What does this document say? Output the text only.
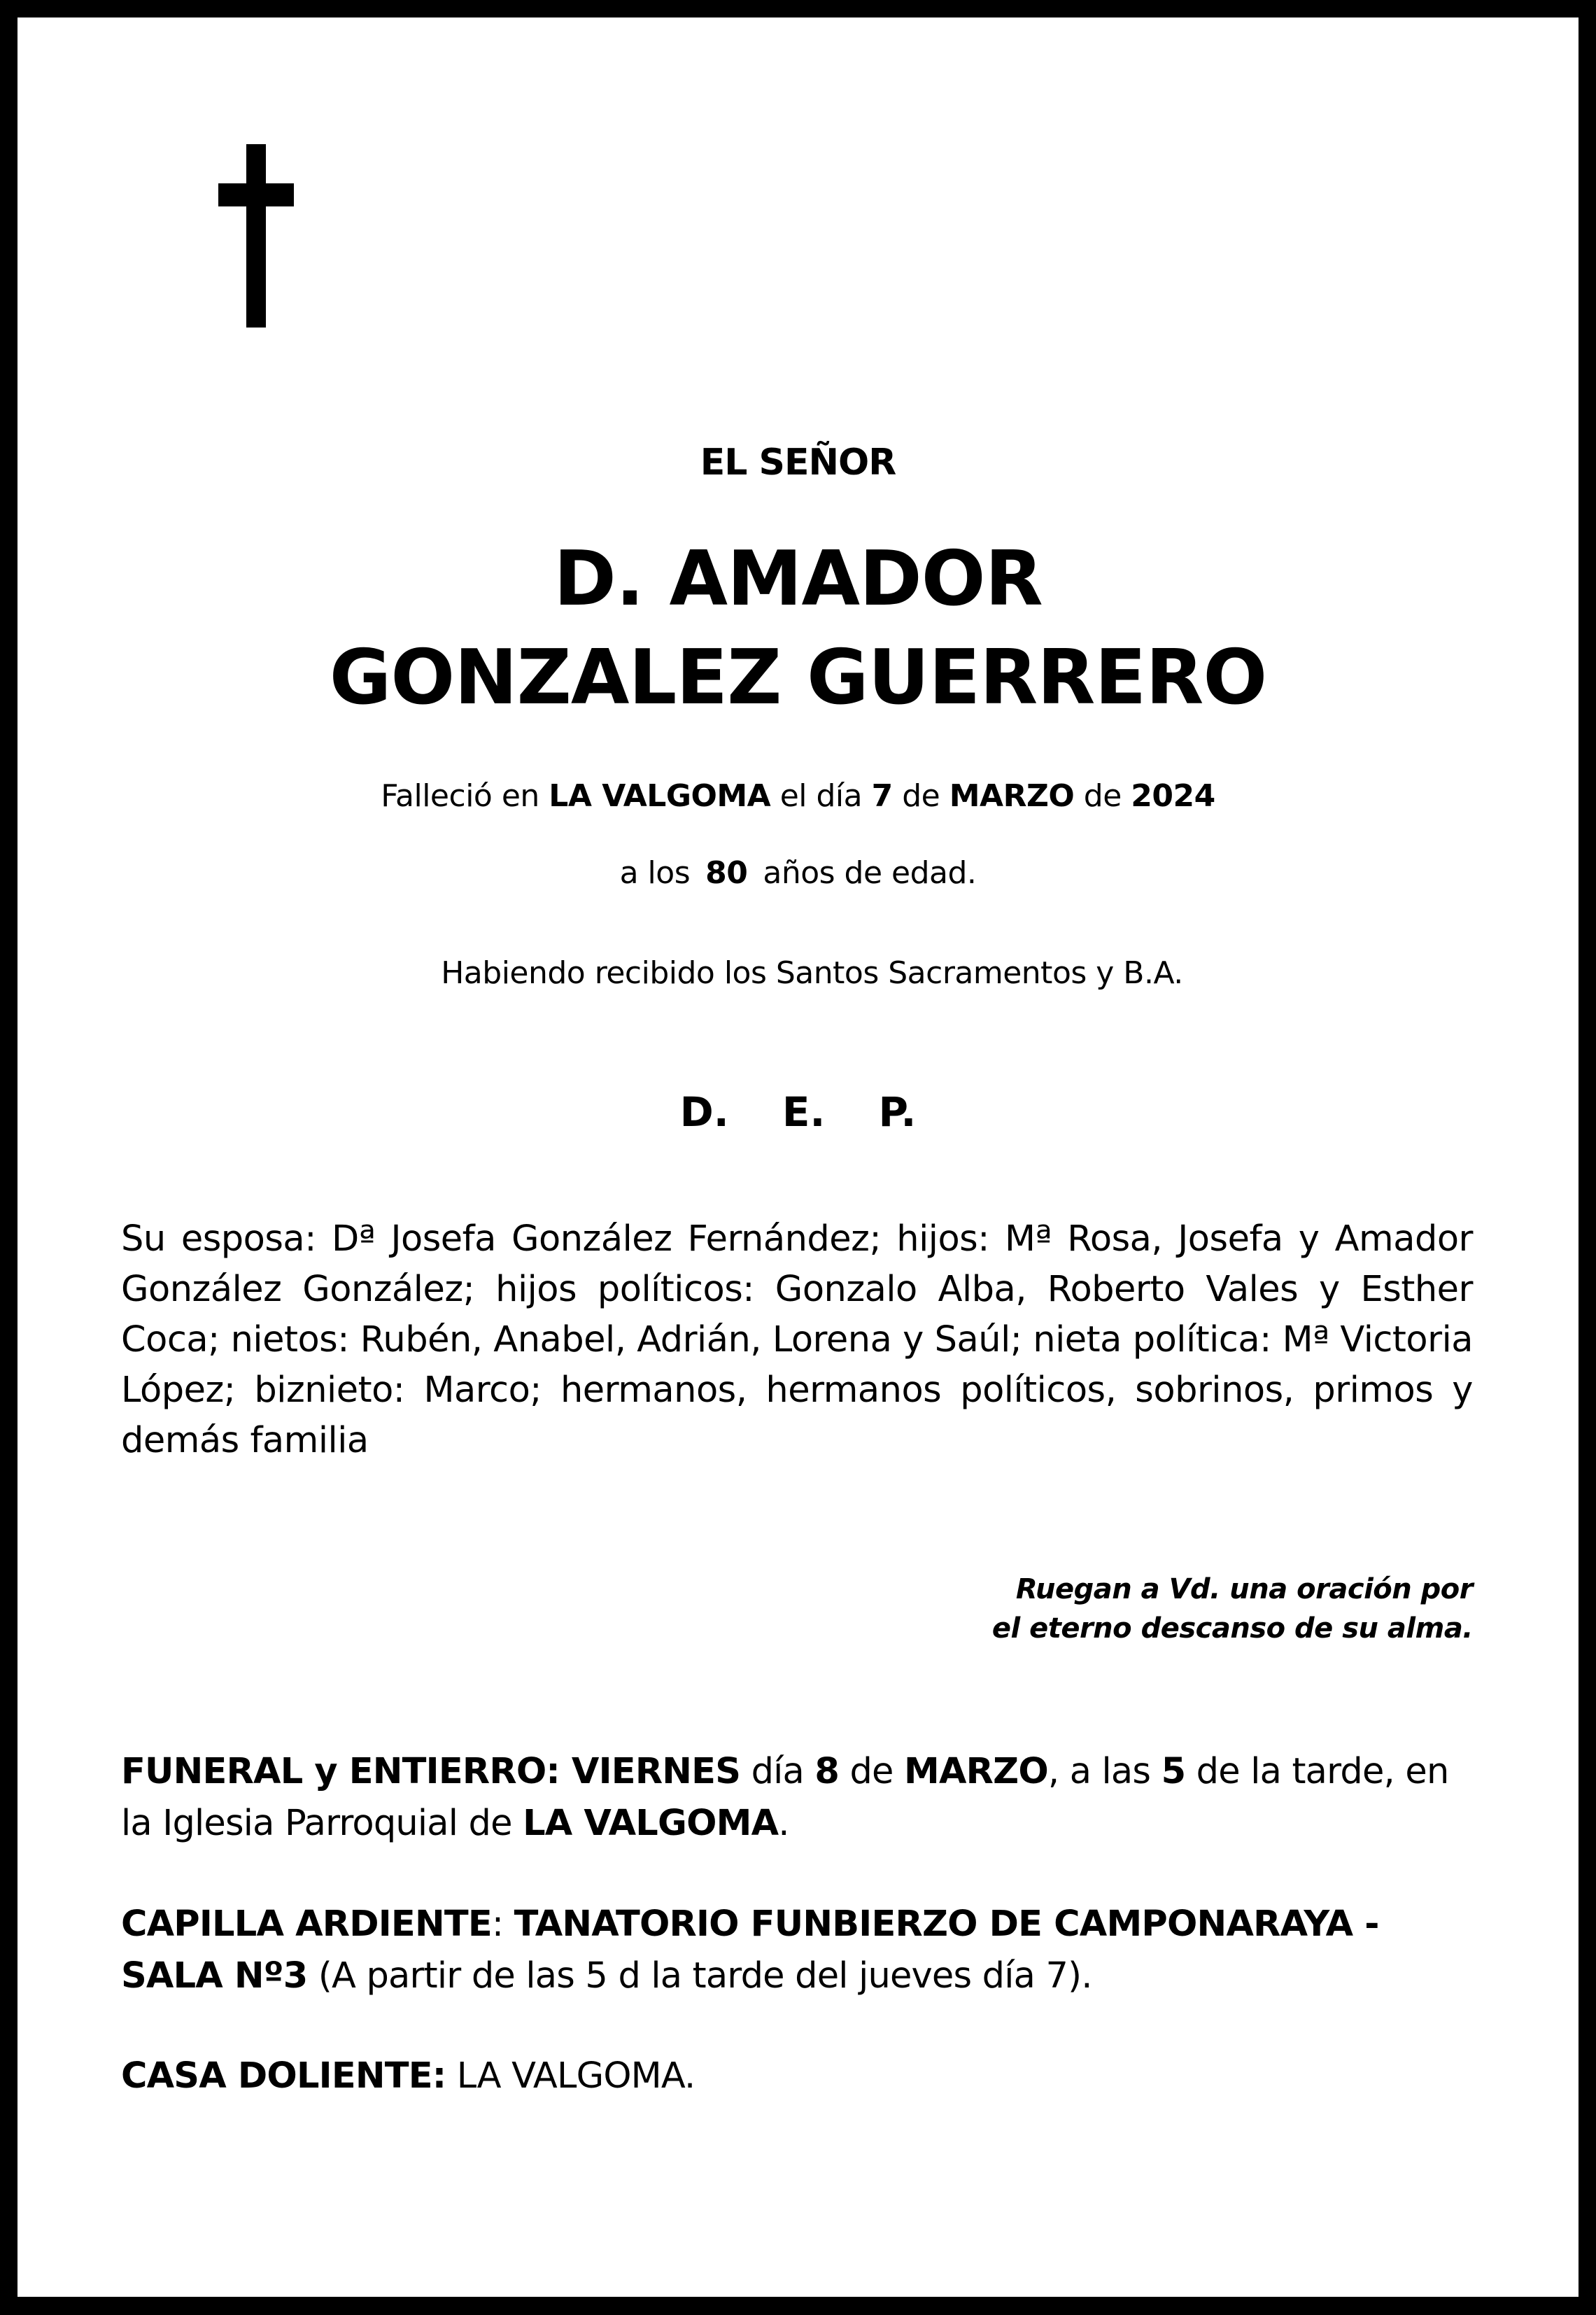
EL SEÑOR
D. AMADOR
GONZALEZ GUERRERO
Falleció en LA VALGOMA el día 7 de MARZO de 2024
a los 80 años de edad.
Habiendo recibido los Santos Sacramentos y B.A.
D. E. P.
Su esposa: Dª Josefa González Fernández; hijos: Mª Rosa, Josefa y Amador González González; hijos políticos: Gonzalo Alba, Roberto Vales y Esther Coca; nietos: Rubén, Anabel, Adrián, Lorena y Saúl; nieta política: Mª Victoria López; biznieto: Marco; hermanos, hermanos políticos, sobrinos, primos y demás familia
Ruegan a Vd. una oración por
el eterno descanso de su alma.
FUNERAL y ENTIERRO: VIERNES día 8 de MARZO, a las 5 de la tarde, en la Iglesia Parroquial de LA VALGOMA.
CAPILLA ARDIENTE: TANATORIO FUNBIERZO DE CAMPONARAYA - SALA Nº3 (A partir de las 5 d la tarde del jueves día 7).
CASA DOLIENTE: LA VALGOMA.
